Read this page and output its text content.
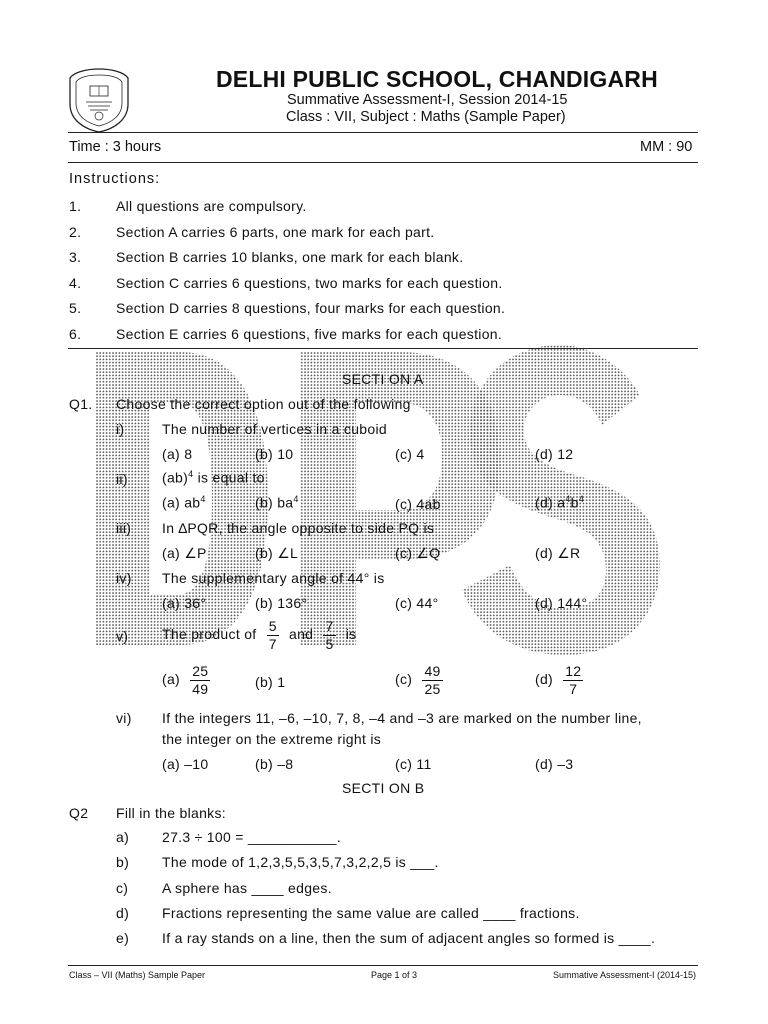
DELHI PUBLIC SCHOOL, CHANDIGARH
Summative Assessment-I, Session 2014-15
Class : VII, Subject : Maths (Sample Paper)
Time : 3 hours	MM : 90
Instructions:
1. All questions are compulsory.
2. Section A carries 6 parts, one mark for each part.
3. Section B carries 10 blanks, one mark for each blank.
4. Section C carries 6 questions, two marks for each question.
5. Section D carries 8 questions, four marks for each question.
6. Section E carries 6 questions, five marks for each question.
SECTI ON A
Q1. Choose the correct option out of the following
i)	The number of vertices in a cuboid
(a) 8	(b) 10	(c) 4	(d) 12
ii) (ab)$^4$ is equal to
(a) $ab^4$	(b) $ba^4$	(c) 4ab	(d) $a^4b^4$
iii) In ∆PQR, the angle opposite to side PQ is
(a) ∠P	(b) ∠L	(c) ∠Q	(d) ∠R
iv) The supplementary angle of 44° is
(a) 36°	(b) 136°	(c) 44°	(d) 144°
v) The product of $\frac{5}{7}$ and $\frac{7}{5}$ is
$(a) \frac{25}{49}$	(b) 1	$(c) \frac{49}{25}$	$(d) \frac{12}{7}$
vi) If the integers 11, –6, –10, 7, 8, –4 and –3 are marked on the number line,
the integer on the extreme right is
(a) –10	(b) –8	(c) 11	(d) –3
SECTI ON B
Q2 Fill in the blanks:
a) 27.3 ÷ 100 = ___________.
b) The mode of 1,2,3,5,5,3,5,7,3,2,2,5 is ___.
c) A sphere has ____ edges.
d) Fractions representing the same value are called ____ fractions.
e) If a ray stands on a line, then the sum of adjacent angles so formed is ____.
Class – VII (Maths) Sample Paper	Page 1 of 3	Summative Assessment-I (2014-15)
